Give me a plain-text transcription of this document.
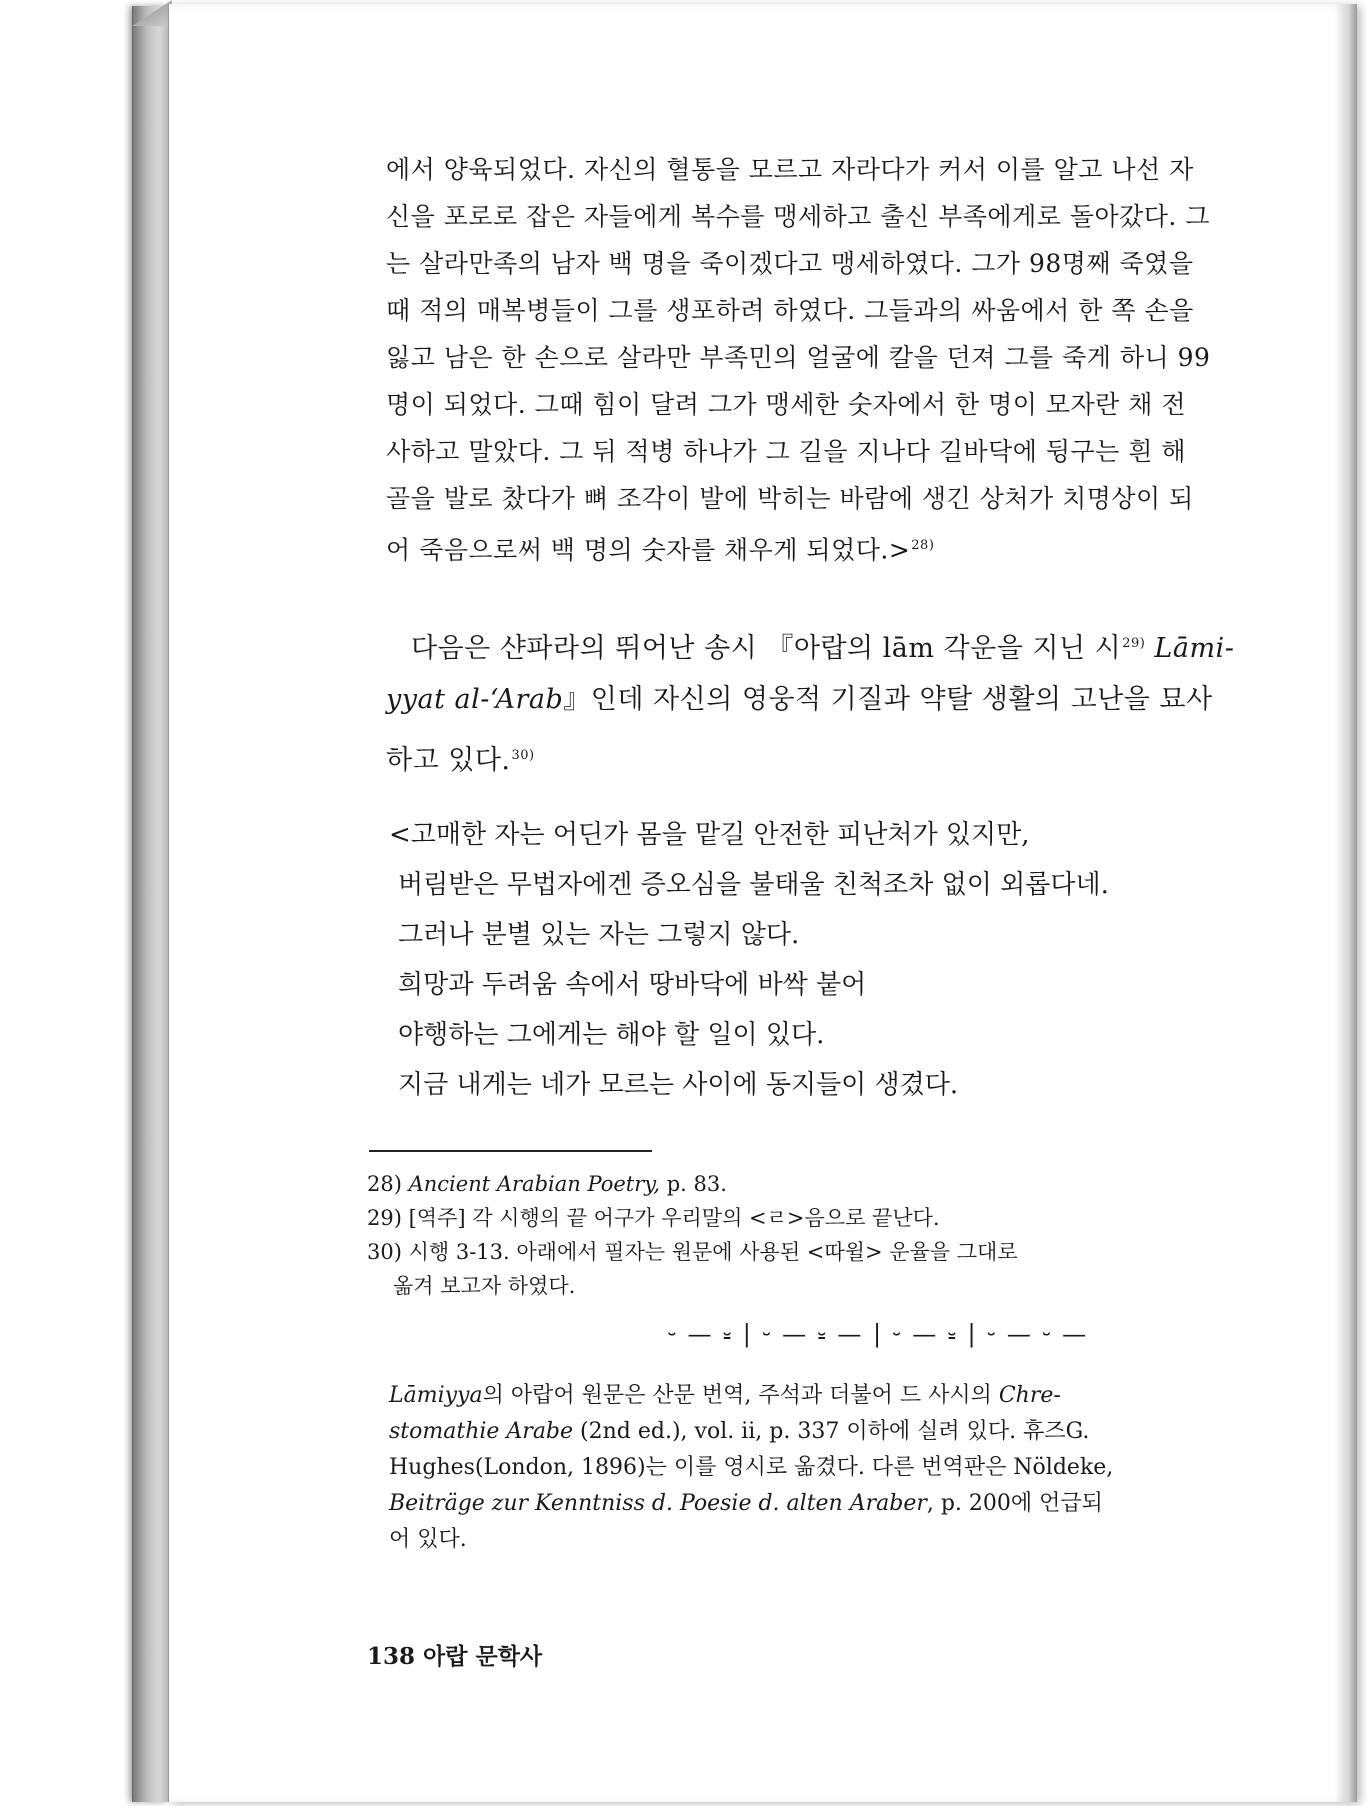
에서 양육되었다. 자신의 혈통을 모르고 자라다가 커서 이를 알고 나선 자
신을 포로로 잡은 자들에게 복수를 맹세하고 출신 부족에게로 돌아갔다. 그
는 살라만족의 남자 백 명을 죽이겠다고 맹세하였다. 그가 98명째 죽였을
때 적의 매복병들이 그를 생포하려 하였다. 그들과의 싸움에서 한 쪽 손을
잃고 남은 한 손으로 살라만 부족민의 얼굴에 칼을 던져 그를 죽게 하니 99
명이 되었다. 그때 힘이 달려 그가 맹세한 숫자에서 한 명이 모자란 채 전
사하고 말았다. 그 뒤 적병 하나가 그 길을 지나다 길바닥에 뒹구는 흰 해
골을 발로 찼다가 뼈 조각이 발에 박히는 바람에 생긴 상처가 치명상이 되
어 죽음으로써 백 명의 숫자를 채우게 되었다.>$^{28)}$
다음은 샨파라의 뛰어난 송시 『아랍의 lām 각운을 지닌 시$^{29)}$ Lāmi-
yyat al-‘Arab』인데 자신의 영웅적 기질과 약탈 생활의 고난을 묘사
하고 있다.$^{30)}$
<고매한 자는 어딘가 몸을 맡길 안전한 피난처가 있지만,
버림받은 무법자에겐 증오심을 불태울 친척조차 없이 외롭다네.
그러나 분별 있는 자는 그렇지 않다.
희망과 두려움 속에서 땅바닥에 바싹 붙어
야행하는 그에게는 해야 할 일이 있다.
지금 내게는 네가 모르는 사이에 동지들이 생겼다.
28) Ancient Arabian Poetry, p. 83.
29) [역주] 각 시행의 끝 어구가 우리말의 <ㄹ>음으로 끝난다.
30) 시행 3-13. 아래에서 필자는 원문에 사용된 <따윌> 운율을 그대로
옮겨 보고자 하였다.
⏑ — ⏓ | ⏑ — ⏓ — | ⏑ — ⏓ | ⏑ — ⏑ —
Lāmiyya의 아랍어 원문은 산문 번역, 주석과 더불어 드 사시의 Chre-
stomathie Arabe (2nd ed.), vol. ii, p. 337 이하에 실려 있다. 휴즈G.
Hughes(London, 1896)는 이를 영시로 옮겼다. 다른 번역판은 Nöldeke,
Beiträge zur Kenntniss d. Poesie d. alten Araber, p. 200에 언급되
어 있다.
138 아랍 문학사
